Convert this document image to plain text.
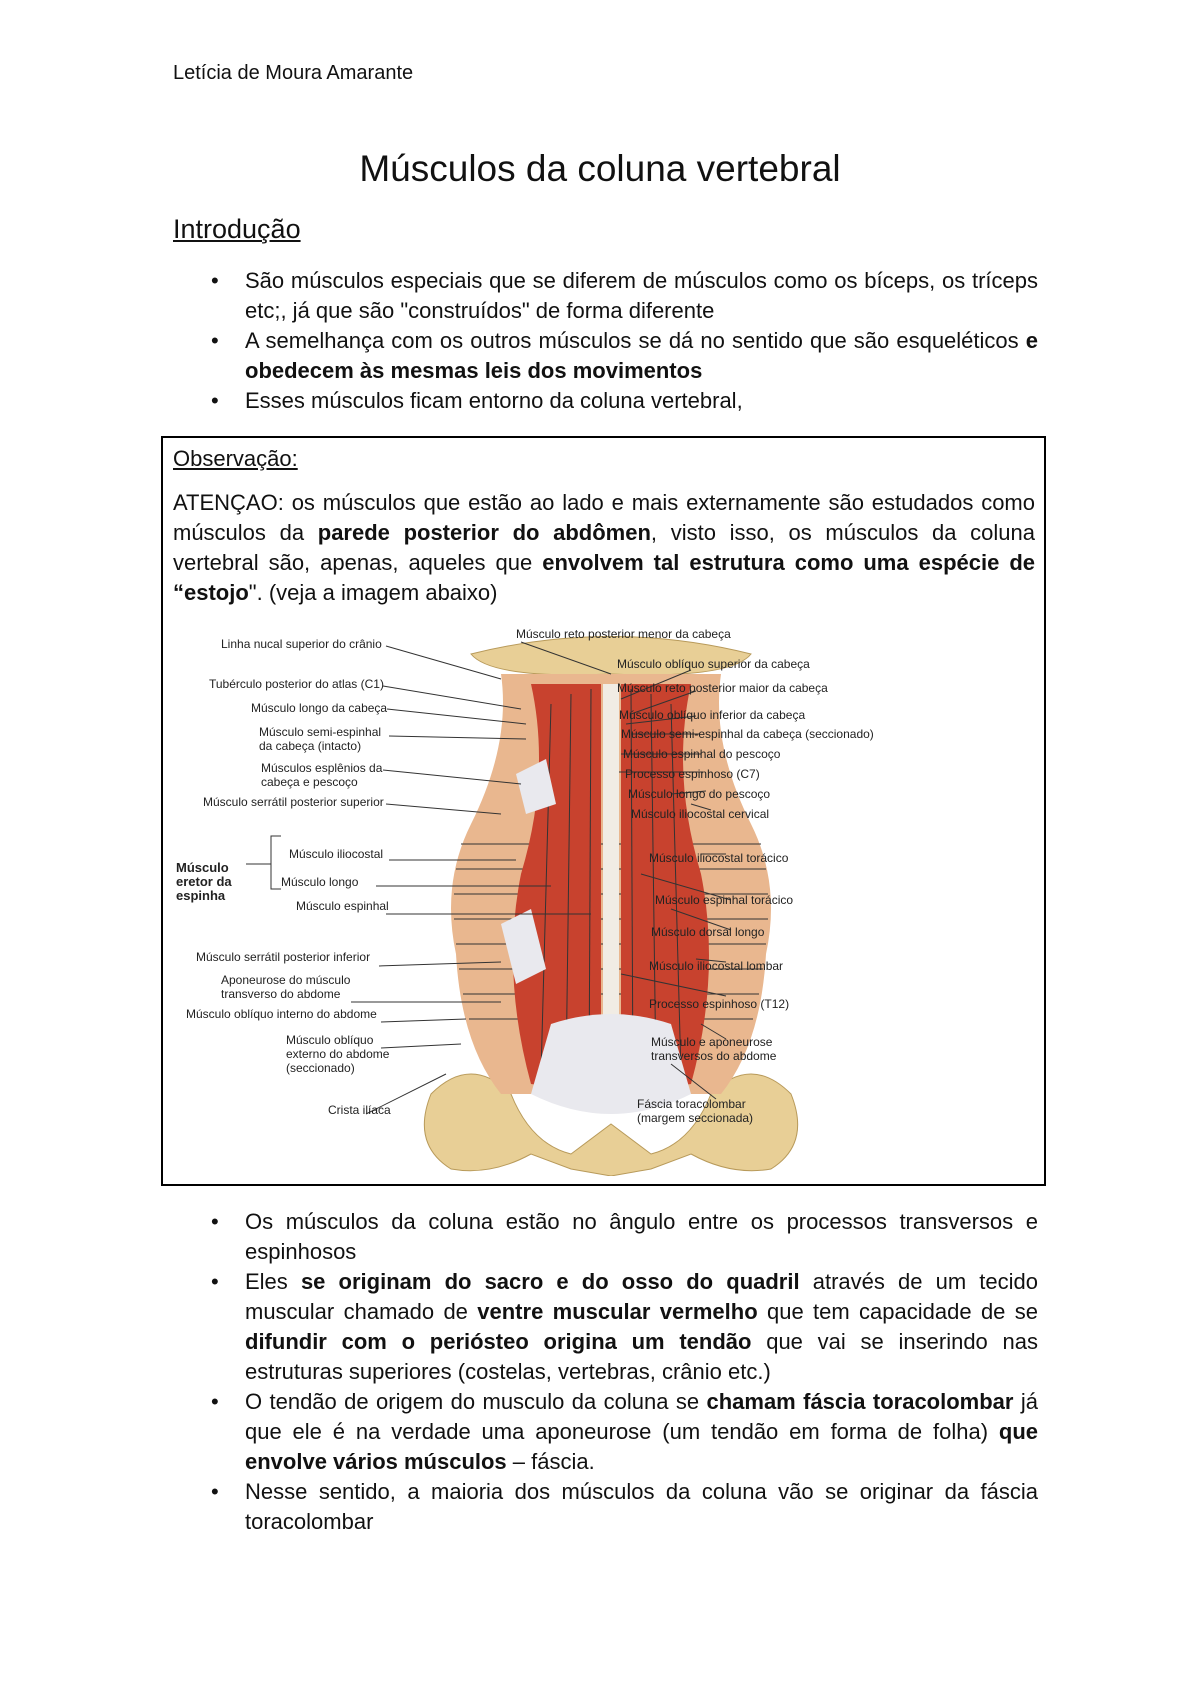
Letícia de Moura Amarante
Músculos da coluna vertebral
Introdução
• São músculos especiais que se diferem de músculos como os bíceps, os tríceps etc;, já que são "construídos" de forma diferente
• A semelhança com os outros músculos se dá no sentido que são esqueléticos e obedecem às mesmas leis dos movimentos
• Esses músculos ficam entorno da coluna vertebral,
Observação:
ATENÇAO: os músculos que estão ao lado e mais externamente são estudados como músculos da parede posterior do abdômen, visto isso, os músculos da coluna vertebral são, apenas, aqueles que envolvem tal estrutura como uma espécie de “estojo". (veja a imagem abaixo)
Linha nucal superior do crânio
Tubérculo posterior do atlas (C1)
Músculo longo da cabeça
Músculo semi-espinhal
da cabeça (intacto)
Músculos esplênios da
cabeça e pescoço
Músculo serrátil posterior superior
Músculo iliocostal
Músculo longo
Músculo espinhal
Músculo
eretor da
espinha
Músculo serrátil posterior inferior
Aponeurose do músculo
transverso do abdome
Músculo oblíquo interno do abdome
Músculo oblíquo
externo do abdome
(seccionado)
Crista ilíaca
Músculo reto posterior menor da cabeça
Músculo oblíquo superior da cabeça
Músculo reto posterior maior da cabeça
Músculo oblíquo inferior da cabeça
Músculo semi-espinhal da cabeça (seccionado)
Músculo espinhal do pescoço
Processo espinhoso (C7)
Músculo longo do pescoço
Músculo iliocostal cervical
Músculo iliocostal torácico
Músculo espinhal torácico
Músculo dorsal longo
Músculo iliocostal lombar
Processo espinhoso (T12)
Músculo e aponeurose
transversos do abdome
Fáscia toracolombar
(margem seccionada)
• Os músculos da coluna estão no ângulo entre os processos transversos e espinhosos
• Eles se originam do sacro e do osso do quadril através de um tecido muscular chamado de ventre muscular vermelho que tem capacidade de se difundir com o periósteo origina um tendão que vai se inserindo nas estruturas superiores (costelas, vertebras, crânio etc.)
• O tendão de origem do musculo da coluna se chamam fáscia toracolombar já que ele é na verdade uma aponeurose (um tendão em forma de folha) que envolve vários músculos – fáscia.
• Nesse sentido, a maioria dos músculos da coluna vão se originar da fáscia toracolombar
